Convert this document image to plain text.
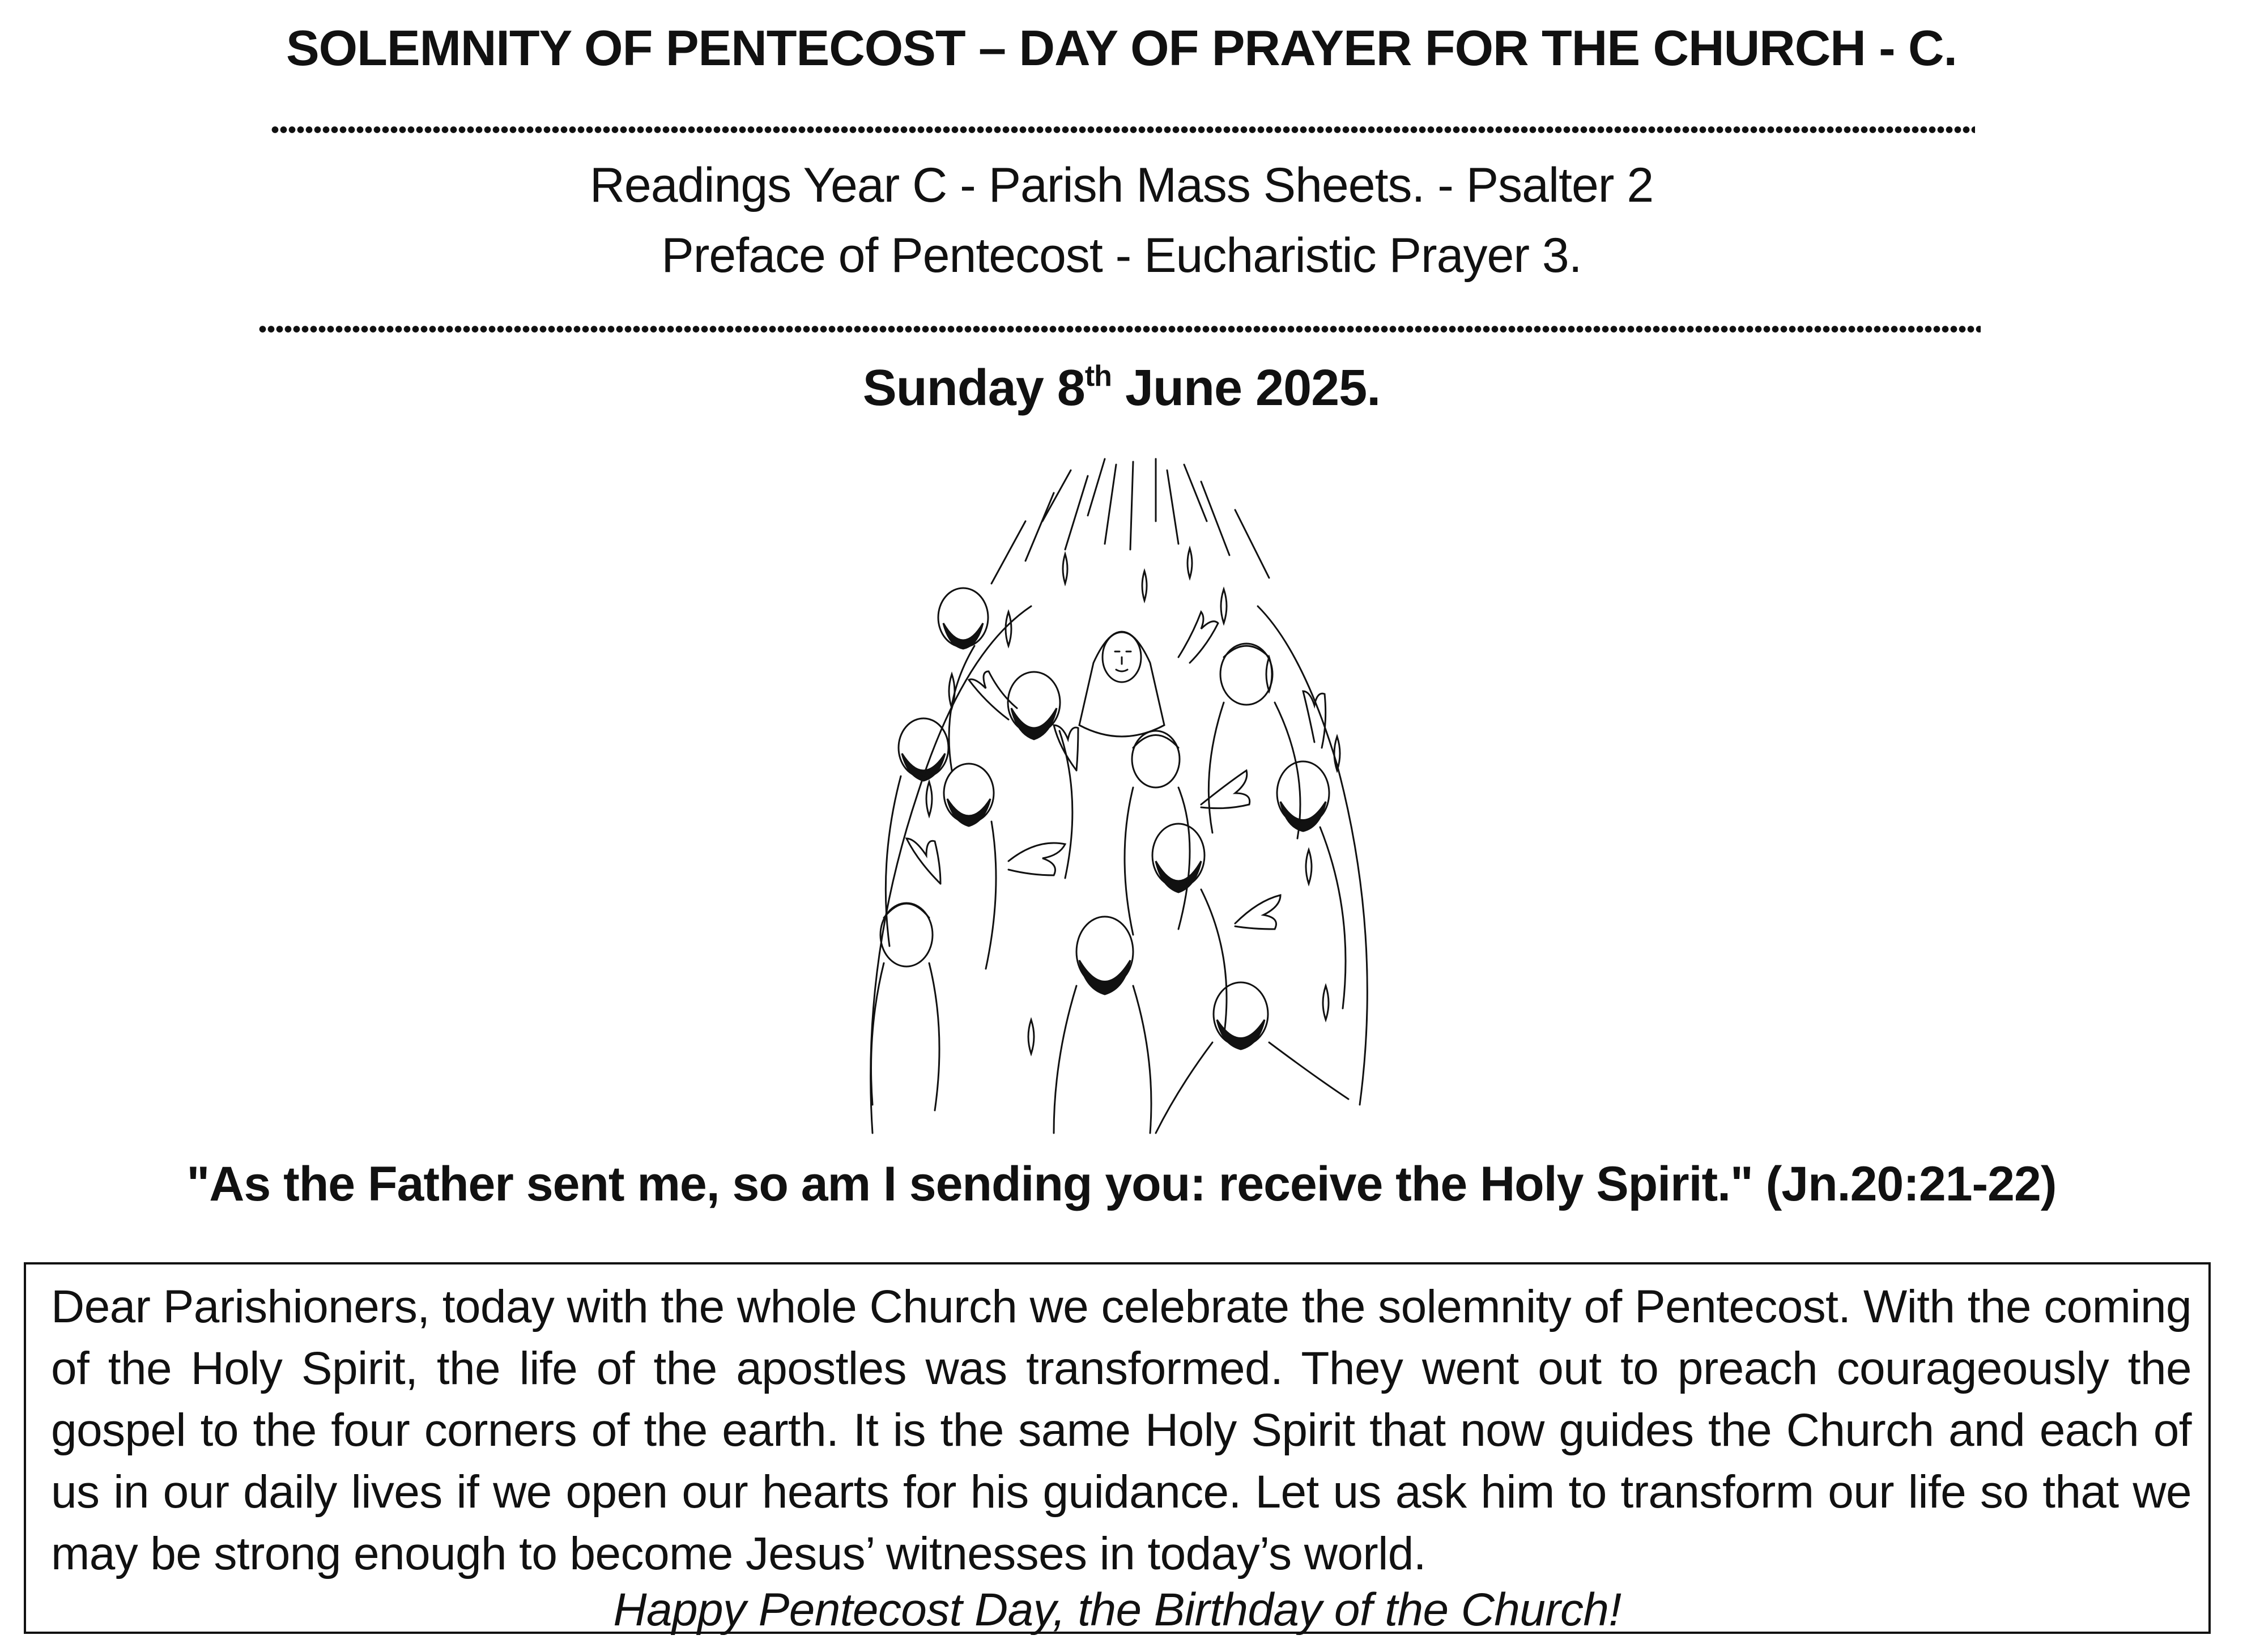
SOLEMNITY OF PENTECOST – DAY OF PRAYER FOR THE CHURCH - C.
Readings Year C - Parish Mass Sheets. - Psalter 2
Preface of Pentecost - Eucharistic Prayer 3.
Sunday 8th June 2025.
"As the Father sent me, so am I sending you: receive the Holy Spirit." (Jn.20:21-22)
Dear Parishioners, today with the whole Church we celebrate the solemnity of Pentecost. With the coming of the Holy Spirit, the life of the apostles was transformed. They went out to preach courageously the gospel to the four corners of the earth. It is the same Holy Spirit that now guides the Church and each of us in our daily lives if we open our hearts for his guidance. Let us ask him to transform our life so that we may be strong enough to become Jesus’ witnesses in today’s world.
Happy Pentecost Day, the Birthday of the Church!
